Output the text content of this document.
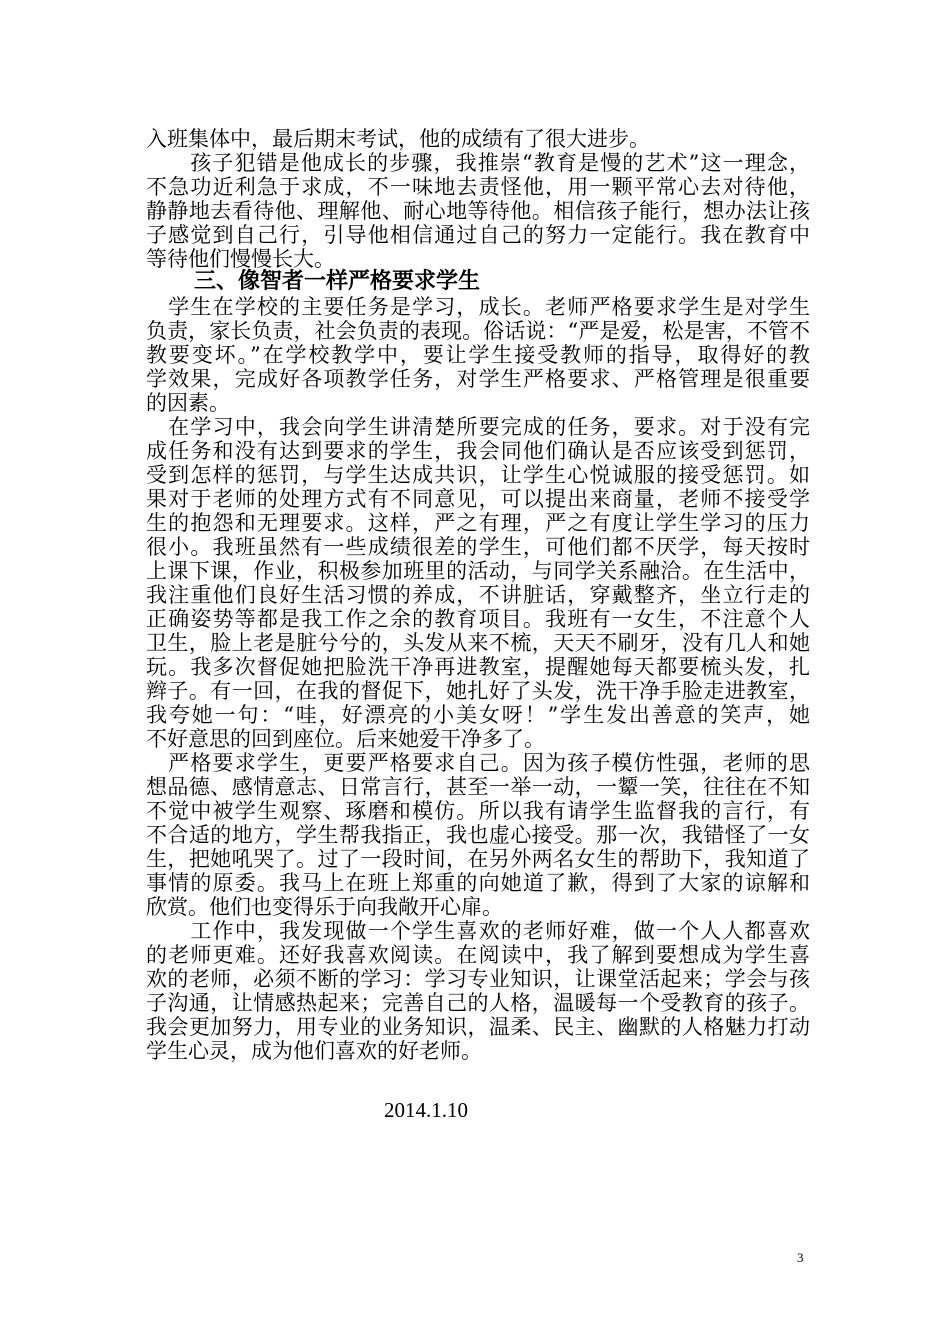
入班集体中，最后期末考试，他的成绩有了很大进步。
　　孩子犯错是他成长的步骤，我推崇“教育是慢的艺术”这一理念，
不急功近利急于求成，不一味地去责怪他，用一颗平常心去对待他，
静静地去看待他、理解他、耐心地等待他。相信孩子能行，想办法让孩
子感觉到自己行，引导他相信通过自己的努力一定能行。我在教育中
等待他们慢慢长大。
三、像智者一样严格要求学生
　学生在学校的主要任务是学习，成长。老师严格要求学生是对学生
负责，家长负责，社会负责的表现。俗话说：“严是爱，松是害，不管不
教要变坏。”在学校教学中，要让学生接受教师的指导，取得好的教
学效果，完成好各项教学任务，对学生严格要求、严格管理是很重要
的因素。
　在学习中，我会向学生讲清楚所要完成的任务，要求。对于没有完
成任务和没有达到要求的学生，我会同他们确认是否应该受到惩罚，
受到怎样的惩罚，与学生达成共识，让学生心悦诚服的接受惩罚。如
果对于老师的处理方式有不同意见，可以提出来商量，老师不接受学
生的抱怨和无理要求。这样，严之有理，严之有度让学生学习的压力
很小。我班虽然有一些成绩很差的学生，可他们都不厌学，每天按时
上课下课，作业，积极参加班里的活动，与同学关系融洽。在生活中，
我注重他们良好生活习惯的养成，不讲脏话，穿戴整齐，坐立行走的
正确姿势等都是我工作之余的教育项目。我班有一女生，不注意个人
卫生，脸上老是脏兮兮的，头发从来不梳，天天不刷牙，没有几人和她
玩。我多次督促她把脸洗干净再进教室，提醒她每天都要梳头发，扎
辫子。有一回，在我的督促下，她扎好了头发，洗干净手脸走进教室，
我夸她一句：“哇，好漂亮的小美女呀！”学生发出善意的笑声，她
不好意思的回到座位。后来她爱干净多了。
　严格要求学生，更要严格要求自己。因为孩子模仿性强，老师的思
想品德、感情意志、日常言行，甚至一举一动，一颦一笑，往往在不知
不觉中被学生观察、琢磨和模仿。所以我有请学生监督我的言行，有
不合适的地方，学生帮我指正，我也虚心接受。那一次，我错怪了一女
生，把她吼哭了。过了一段时间，在另外两名女生的帮助下，我知道了
事情的原委。我马上在班上郑重的向她道了歉，得到了大家的谅解和
欣赏。他们也变得乐于向我敞开心扉。
　　工作中，我发现做一个学生喜欢的老师好难，做一个人人都喜欢
的老师更难。还好我喜欢阅读。在阅读中，我了解到要想成为学生喜
欢的老师，必须不断的学习：学习专业知识，让课堂活起来；学会与孩
子沟通，让情感热起来；完善自己的人格，温暖每一个受教育的孩子。
我会更加努力，用专业的业务知识，温柔、民主、幽默的人格魅力打动
学生心灵，成为他们喜欢的好老师。
2014.1.10
3
